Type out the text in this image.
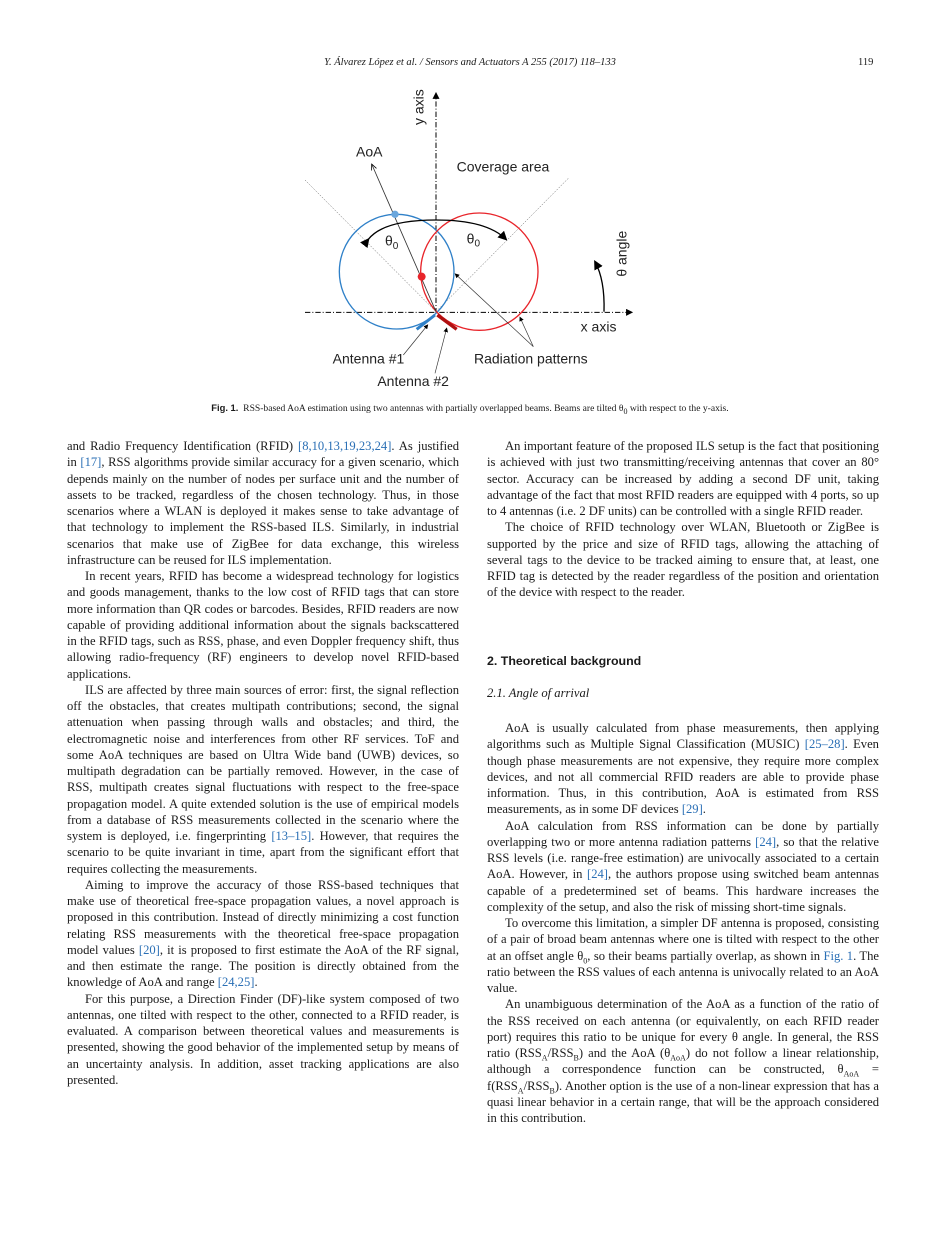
Y. Álvarez López et al. / Sensors and Actuators A 255 (2017) 118–133	119
y axis
AoA
Coverage area
$\theta_0$
$\theta_0$	θ angle
x axis
Antenna #1
Antenna #2
Radiation patterns
Fig. 1. RSS-based AoA estimation using two antennas with partially overlapped beams. Beams are tilted $\theta_0$ with respect to the y-axis.

and Radio Frequency Identification (RFID) [8,10,13,19,23,24]. As justified in [17], RSS algorithms provide similar accuracy for a given scenario, which depends mainly on the number of nodes per surface unit and the number of assets to be tracked, regardless of the chosen technology. Thus, in those scenarios where a WLAN is deployed it makes sense to take advantage of that technology to implement the RSS-based ILS. Similarly, in industrial scenarios that make use of ZigBee for data exchange, this wireless infrastructure can be reused for ILS implementation.

In recent years, RFID has become a widespread technology for logistics and goods management, thanks to the low cost of RFID tags that can store more information than QR codes or barcodes. Besides, RFID readers are now capable of providing additional information about the signals backscattered in the RFID tags, such as RSS, phase, and even Doppler frequency shift, thus allowing radio-frequency (RF) engineers to develop novel RFID-based applications.

ILS are affected by three main sources of error: first, the signal reflection off the obstacles, that creates multipath contributions; second, the signal attenuation when passing through walls and obstacles; and third, the electromagnetic noise and interferences from other RF services. ToF and some AoA techniques are based on Ultra Wide band (UWB) devices, so multipath degradation can be partially removed. However, in the case of RSS, multipath creates signal fluctuations with respect to the free-space propagation model. A quite extended solution is the use of empirical models from a database of RSS measurements collected in the scenario where the system is deployed, i.e. fingerprinting [13–15]. However, that requires the scenario to be quite invariant in time, apart from the significant effort that requires collecting the measurements.

Aiming to improve the accuracy of those RSS-based techniques that make use of theoretical free-space propagation values, a novel approach is proposed in this contribution. Instead of directly minimizing a cost function relating RSS measurements with the theoretical free-space propagation model values [20], it is proposed to first estimate the AoA of the RF signal, and then estimate the range. The position is directly obtained from the knowledge of AoA and range [24,25].

For this purpose, a Direction Finder (DF)-like system composed of two antennas, one tilted with respect to the other, connected to a RFID reader, is evaluated. A comparison between theoretical values and measurements is presented, showing the good behavior of the implemented setup by means of an uncertainty analysis. In addition, asset tracking applications are also presented.

An important feature of the proposed ILS setup is the fact that positioning is achieved with just two transmitting/receiving antennas that cover an 80° sector. Accuracy can be increased by adding a second DF unit, taking advantage of the fact that most RFID readers are equipped with 4 ports, so up to 4 antennas (i.e. 2 DF units) can be controlled with a single RFID reader.

The choice of RFID technology over WLAN, Bluetooth or ZigBee is supported by the price and size of RFID tags, allowing the attaching of several tags to the device to be tracked aiming to ensure that, at least, one RFID tag is detected by the reader regardless of the position and orientation of the device with respect to the reader.

2. Theoretical background
2.1. Angle of arrival

AoA is usually calculated from phase measurements, then applying algorithms such as Multiple Signal Classification (MUSIC) [25–28]. Even though phase measurements are not expensive, they require more complex devices, and not all commercial RFID readers are able to provide phase information. Thus, in this contribution, AoA is estimated from RSS measurements, as in some DF devices [29].

AoA calculation from RSS information can be done by partially overlapping two or more antenna radiation patterns [24], so that the relative RSS levels (i.e. range-free estimation) are univocally associated to a certain AoA. However, in [24], the authors propose using switched beam antennas capable of a predetermined set of beams. This hardware increases the complexity of the setup, and also the risk of missing short-time signals.

To overcome this limitation, a simpler DF antenna is proposed, consisting of a pair of broad beam antennas where one is tilted with respect to the other at an offset angle $\theta_0$, so their beams partially overlap, as shown in Fig. 1. The ratio between the RSS values of each antenna is univocally related to an AoA value.

An unambiguous determination of the AoA as a function of the ratio of the RSS received on each antenna (or equivalently, on each RFID reader port) requires this ratio to be unique for every θ angle. In general, the RSS ratio $(RSS_A/RSS_B)$ and the AoA $(\theta_{AoA})$ do not follow a linear relationship, although a correspondence function can be constructed, $\theta_{AoA} = f(RSS_A/RSS_B)$. Another option is the use of a non-linear expression that has a quasi linear behavior in a certain range, that will be the approach considered in this contribution.
